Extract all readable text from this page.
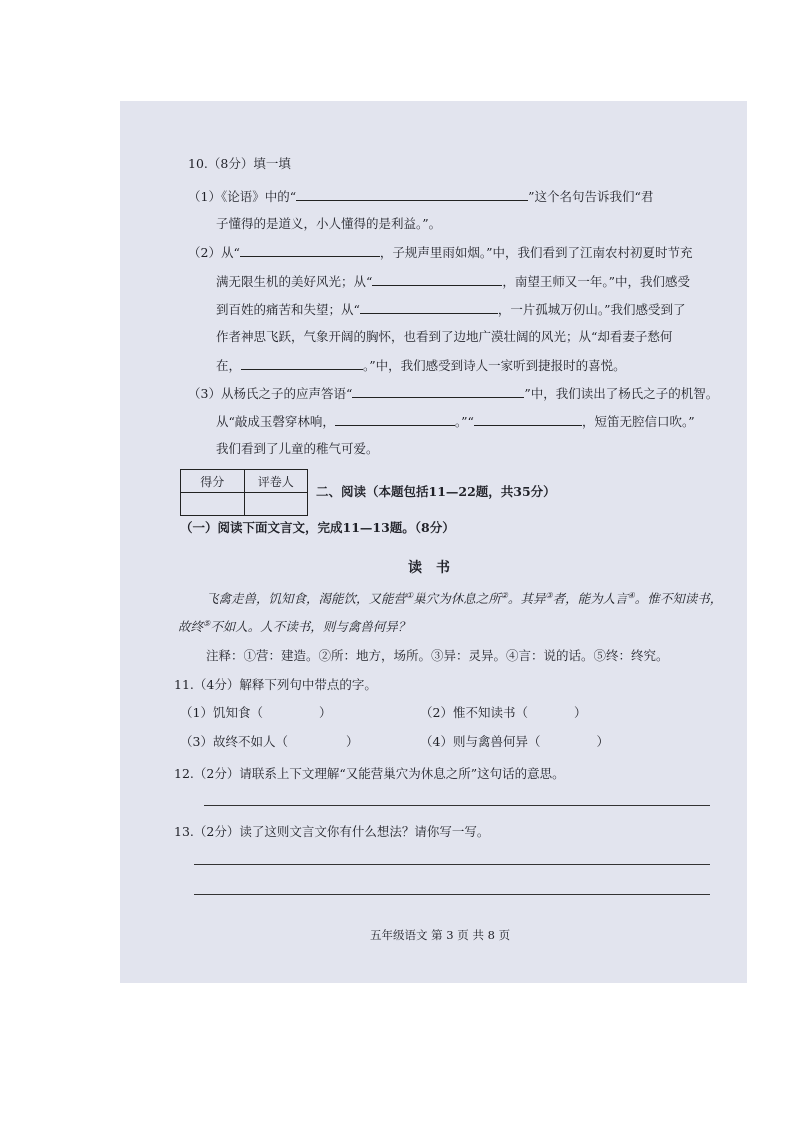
10.（8分）填一填
（1）《论语》中的“	”这个名句告诉我们“君
子懂得的是道义，小人懂得的是利益。”。
（2）从“	，子规声里雨如烟。”中，我们看到了江南农村初夏时节充
满无限生机的美好风光；从“	，南望王师又一年。”中，我们感受
到百姓的痛苦和失望；从“	，一片孤城万仞山。”我们感受到了
作者神思飞跃，气象开阔的胸怀，也看到了边地广漠壮阔的风光；从“却看妻子愁何
在，	。”中，我们感受到诗人一家听到捷报时的喜悦。
（3）从杨氏之子的应声答语“	”中，我们读出了杨氏之子的机智。
从“敲成玉磬穿林响，	。”“	，短笛无腔信口吹。”
我们看到了儿童的稚气可爱。
得分	评卷人

二、阅读（本题包括11—22题，共35分）
（一）阅读下面文言文，完成11—13题。（8分）
读书
飞禽走兽，饥知食，渴能饮，又能营①巢穴为休息之所②。其异③者，能为人言④。惟不知读书，
故终⑤不如人。人不读书，则与禽兽何异？
注释：①营：建造。②所：地方，场所。③异：灵异。④言：说的话。⑤终：终究。
11.（4分）解释下列句中带点的字。
（1）饥知食（	）	（2）惟不知读书（	）
（3）故终不如人（	）	（4）则与禽兽何异（	）
12.（2分）请联系上下文理解“又能营巢穴为休息之所”这句话的意思。
13.（2分）读了这则文言文你有什么想法？请你写一写。
五年级语文 第 3 页 共 8 页
